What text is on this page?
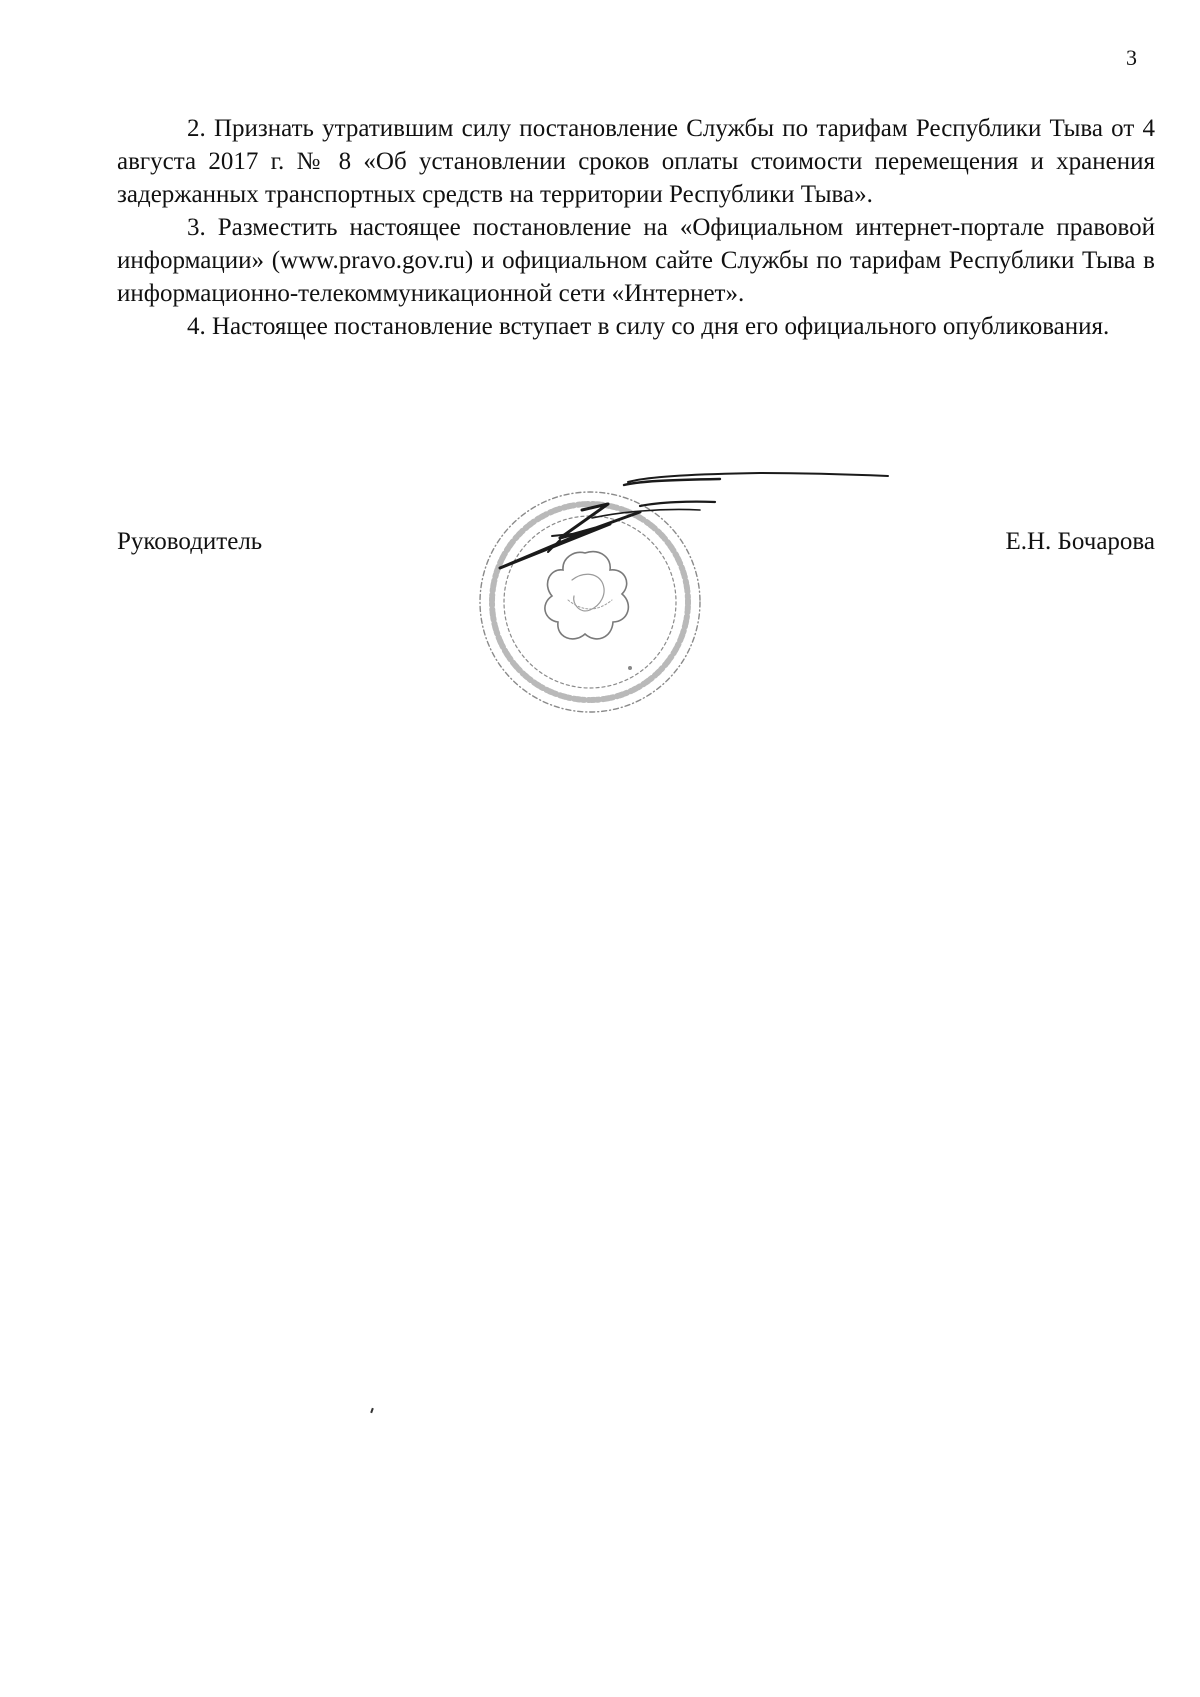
3

2. Признать утратившим силу постановление Службы по тарифам Республики Тыва от 4 августа 2017 г. № 8 «Об установлении сроков оплаты стоимости перемещения и хранения задержанных транспортных средств на территории Республики Тыва».

3. Разместить настоящее постановление на «Официальном интернет-портале правовой информации» (www.pravo.gov.ru) и официальном сайте Службы по тарифам Республики Тыва в информационно-телекоммуникационной сети «Интернет».

4. Настоящее постановление вступает в силу со дня его официального опубликования.

Руководитель	Е.Н. Бочарова
